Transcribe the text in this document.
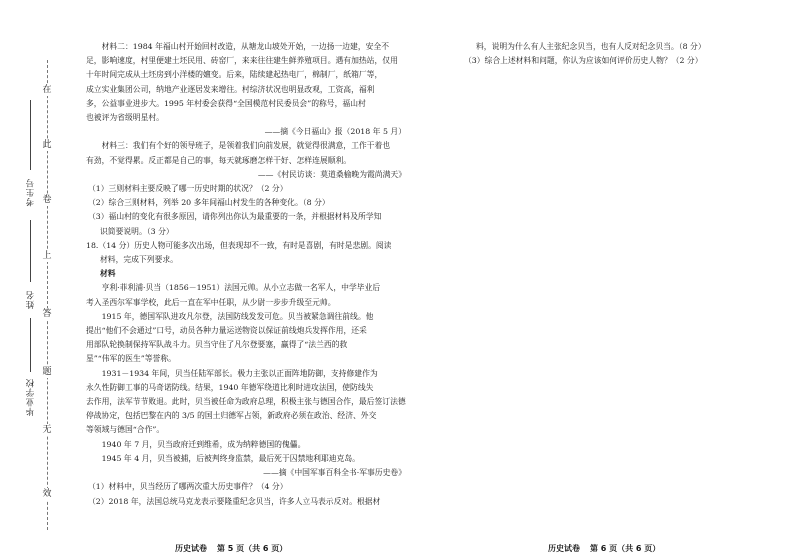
在
此
卷
上
答
题
无
效
考生号
姓名
毕业学校

材料二：1984 年福山村开始回村改造，从塘龙山坡处开始，一边扬一边建，安全不

足，影响速度，村里便建土坯民用、砖窑厂，来来往往建生鲜养殖项目。遇有加热站，仅用

十年时间完成从土坯房到小洋楼的嬗变。后来，陆续建起热电厂，棉制厂，纸箱厂等，

成立实业集团公司，纳地产业逐居发来增往。村综济状况也明显改观，工资高，福利

多，公益事业进步大。1995 年村委会获得“全国模范村民委员会”的称号，福山村

也被评为省级明星村。

——摘《今日福山》报（2018 年 5 月）

材料三：我们有个好的领导班子，是领着我们向前发展，就觉得很满意，工作干着也

有劲，不觉得累。反正都是自己的事，每天就琢磨怎样干好、怎样连展顺利。

——《村民访谈：莫道桑榆晚为霞尚满天》

（1）三则材料主要反映了哪一历史时期的状况？（2 分）

（2）综合三则材料，列举 20 多年间福山村发生的各种变化。（8 分）

（3）福山村的变化有很多原因，请你列出你认为最重要的一条，并根据材料及所学知

识简要说明。（3 分）

18.（14 分）历史人物可能多次出场，但表现却不一致，有时是喜剧，有时是悲剧。阅读

材料，完成下列要求。

材料

亨利·菲利浦·贝当（1856－1951）法国元帅。从小立志做一名军人，中学毕业后

考入圣西尔军事学校，此后一直在军中任职，从少尉一步步升级至元帅。

1915 年，德国军队进攻凡尔登，法国防线发发可危。贝当被紧急调往前线。他

提出“他们不会通过”口号，动员各种力量运送物资以保证前线炮兵发挥作用，还采

用部队轮换制保持军队战斗力。贝当守住了凡尔登要塞，赢得了“法兰西的救

星”“伟军的医生”等誉称。

1931－1934 年间，贝当任陆军部长。极力主张以正面阵地防御，支持修建作为

永久性防御工事的马奇诺防线。结果，1940 年德军绕道比利时进攻法国，使防线失

去作用，法军节节败退。此时，贝当被任命为政府总理，积极主张与德国合作，最后签订法德

停战协定，包括巴黎在内的 3/5 的国土归德军占领，新政府必须在政治、经济、外交

等领域与德国“合作”。

1940 年 7 月，贝当政府迁到维希，成为纳粹德国的傀儡。

1945 年 4 月，贝当被捕，后被判终身监禁，最后死于囚禁地利耶迪克岛。

——摘《中国军事百科全书·军事历史卷》

（1）材料中，贝当经历了哪两次重大历史事件？（4 分）

（2）2018 年，法国总统马克龙表示要隆重纪念贝当，许多人立马表示反对。根据材

料，说明为什么有人主张纪念贝当，也有人反对纪念贝当。（8 分）

（3）综合上述材料和问题，你认为应该如何评价历史人物？（2 分）

历史试卷 第 5 页（共 6 页）	历史试卷 第 6 页（共 6 页）
